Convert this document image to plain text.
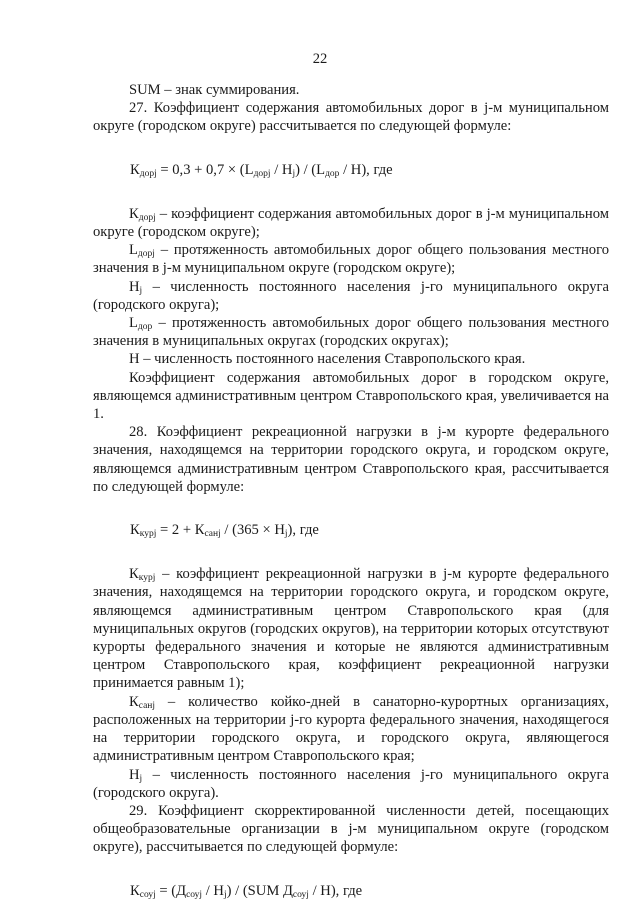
22

SUM – знак суммирования.

27. Коэффициент содержания автомобильных дорог в j-м муниципальном округе (городском округе) рассчитывается по следующей формуле:

$К_{дорj} = 0,3 + 0,7 \times (L_{дорj} / H_j) / (L_{дор} / H)$, где

$К_{дорj}$ – коэффициент содержания автомобильных дорог в j-м муниципальном округе (городском округе);

$L_{дорj}$ – протяженность автомобильных дорог общего пользования местного значения в j-м муниципальном округе (городском округе);

$H_j$ – численность постоянного населения j-го муниципального округа (городского округа);

$L_{дор}$ – протяженность автомобильных дорог общего пользования местного значения в муниципальных округах (городских округах);

Н – численность постоянного населения Ставропольского края.

Коэффициент содержания автомобильных дорог в городском округе, являющемся административным центром Ставропольского края, увеличивается на 1.

28. Коэффициент рекреационной нагрузки в j-м курорте федерального значения, находящемся на территории городского округа, и городском округе, являющемся административным центром Ставропольского края, рассчитывается по следующей формуле:

$К_{курj} = 2 + К_{санj} / (365 \times H_j)$, где

$К_{курj}$ – коэффициент рекреационной нагрузки в j-м курорте федерального значения, находящемся на территории городского округа, и городском округе, являющемся административным центром Ставропольского края (для муниципальных округов (городских округов), на территории которых отсутствуют курорты федерального значения и которые не являются административным центром Ставропольского края, коэффициент рекреационной нагрузки принимается равным 1);

$К_{санj}$ – количество койко-дней в санаторно-курортных организациях, расположенных на территории j-го курорта федерального значения, находящегося на территории городского округа, и городского округа, являющегося административным центром Ставропольского края;

$H_j$ – численность постоянного населения j-го муниципального округа (городского округа).

29. Коэффициент скорректированной численности детей, посещающих общеобразовательные организации в j-м муниципальном округе (городском округе), рассчитывается по следующей формуле:

$К_{соуj} = (Д_{соуj} / H_j) / (SUM$ $Д_{соуj} / Н$), где
